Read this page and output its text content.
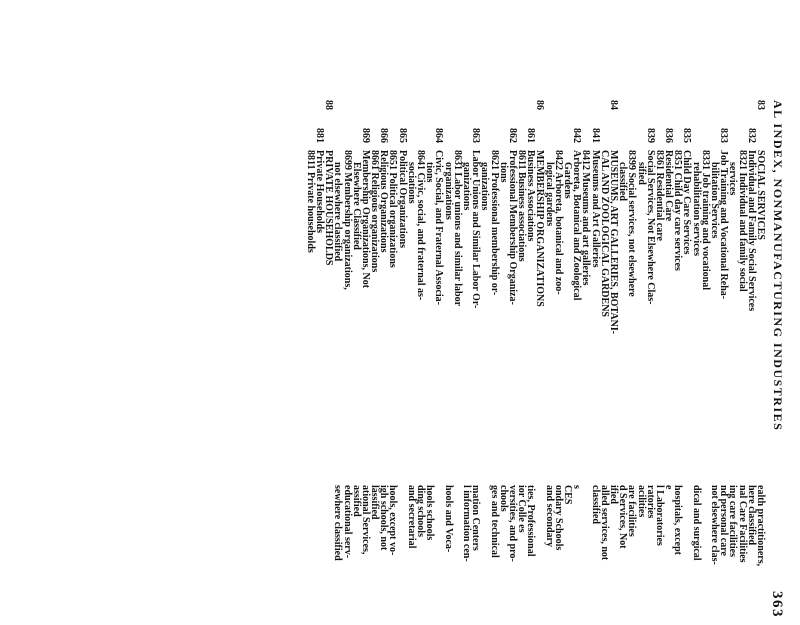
AL INDEX, NONMANUFACTURING INDUSTRIES
363
ealth practitioners,
here classified
nal Care Facilities
ing care facilities
nd personal care
not elsewhere clas-
dical and surgical
hospitals, except
e
l Laboratories
ratories
acilities
are facilities
d Services, Not
ified
alled services, not
classified
s
CES
ondary Schools
and secondary
ties, Professional
ior Colle es
versities, and pro-
chools
ges and technical
mation Centers
l information cen-
hools and Voca-
hools schools
ding schools
and secretarial
hools, except vo-
igh schools, not
lassified
ational Services,
assified
educational serv-
sewhere classified
83SOCIAL SERVICES
832Individual and Family Social Services
8321 Individual and family social
services
833Job Training and Vocational Reha-
bilitation Services
8331 Job training and vocational
rehabilitation services
835Child Day Care Services
8351 Child day care services
836Residential Care
8361 Residential care
839Social Services, Not Elsewhere Clas-
sified
8399 Social services, not elsewhere
classified
84MUSEUMS, ART GALLERIES, BOTANI-
CAL AND ZOOLOGICAL GARDENS
841Museums and Art Galleries
8412 Museums and art galleries
842Arboreta, Botanical and Zoological
Gardens
8422 Arboreta, botanical and zoo-
logical gardens
86MEMBERSHIP ORGANIZATIONS
861Business Associations
8611 Business associations
862Professional Membership Organiza-
tions
8621 Professional membership or-
ganizations
863Labor Unions and Similar Labor Or-
ganizations
8631 Labor unions and similar labor
organizations
864Civic, Social, and Fraternal Associa-
tions
8641 Civic, social, and fraternal as-
sociations
865Political Organizations
8651 Political organizations
866Religious Organizations
8661 Religious organizations
869Membership Organizations, Not
Elsewhere Classified
8699 Membership organizations,
not elsewhere classified
88PRIVATE HOUSEHOLDS
881Private Households
8811 Private households
